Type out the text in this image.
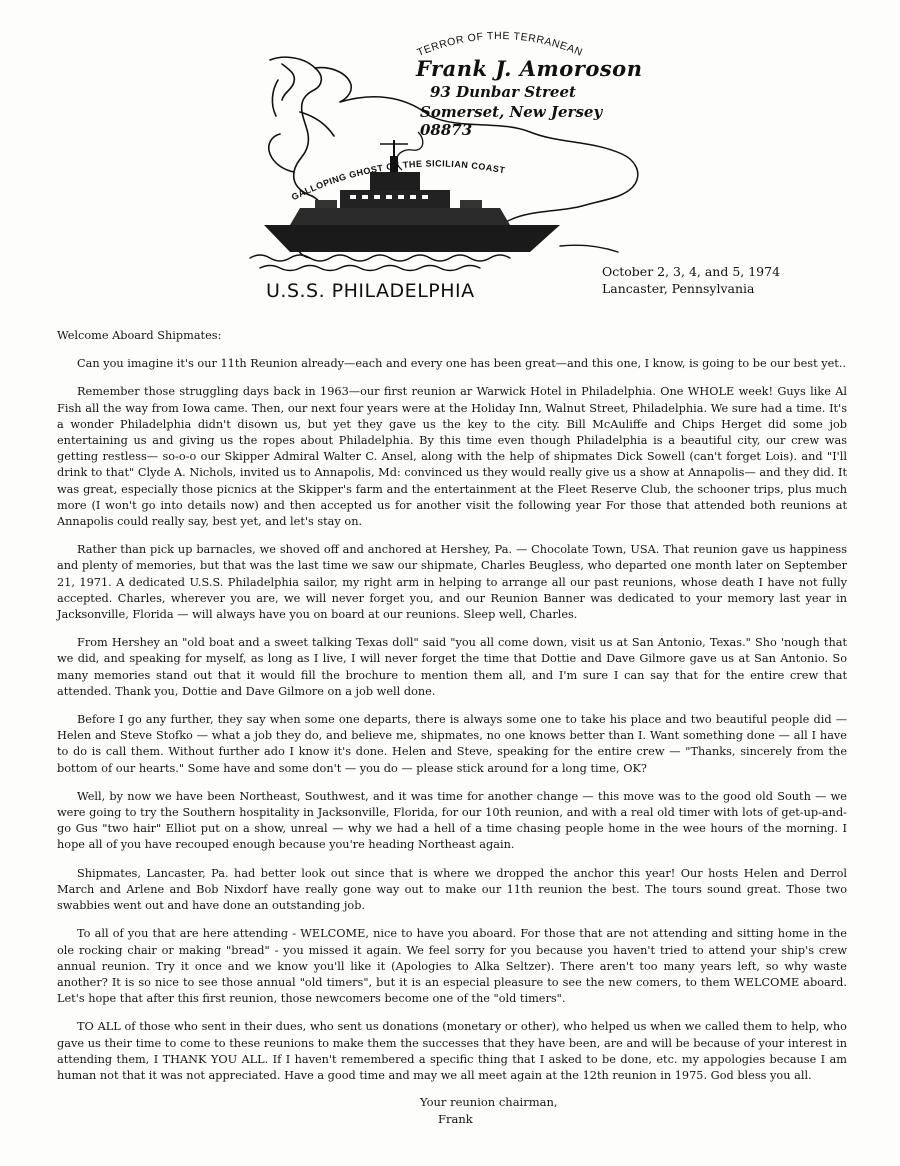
TERROR OF THE TERRANEAN
GALLOPING GHOST OF THE SICILIAN COAST
Frank J. Amoroson
93 Dunbar Street
Somerset, New Jersey 08873
U.S.S. PHILADELPHIA
October 2, 3, 4, and 5, 1974
Lancaster, Pennsylvania

Welcome Aboard Shipmates:

Can you imagine it's our 11th Reunion already—each and every one has been great—and this one, I know, is going to be our best yet..

Remember those struggling days back in 1963—our first reunion ar Warwick Hotel in Philadelphia. One WHOLE week! Guys like Al Fish all the way from Iowa came. Then, our next four years were at the Holiday Inn, Walnut Street, Philadelphia. We sure had a time. It's a wonder Philadelphia didn't disown us, but yet they gave us the key to the city. Bill McAuliffe and Chips Herget did some job entertaining us and giving us the ropes about Philadelphia. By this time even though Philadelphia is a beautiful city, our crew was getting restless— so-o-o our Skipper Admiral Walter C. Ansel, along with the help of shipmates Dick Sowell (can't forget Lois). and "I'll drink to that" Clyde A. Nichols, invited us to Annapolis, Md: convinced us they would really give us a show at Annapolis— and they did. It was great, especially those picnics at the Skipper's farm and the entertainment at the Fleet Reserve Club, the schooner trips, plus much more (I won't go into details now) and then accepted us for another visit the following year For those that attended both reunions at Annapolis could really say, best yet, and let's stay on.

Rather than pick up barnacles, we shoved off and anchored at Hershey, Pa. — Chocolate Town, USA. That reunion gave us happiness and plenty of memories, but that was the last time we saw our shipmate, Charles Beugless, who departed one month later on September 21, 1971. A dedicated U.S.S. Philadelphia sailor, my right arm in helping to arrange all our past reunions, whose death I have not fully accepted. Charles, wherever you are, we will never forget you, and our Reunion Banner was dedicated to your memory last year in Jacksonville, Florida — will always have you on board at our reunions. Sleep well, Charles.

From Hershey an "old boat and a sweet talking Texas doll" said "you all come down, visit us at San Antonio, Texas." Sho 'nough that we did, and speaking for myself, as long as I live, I will never forget the time that Dottie and Dave Gilmore gave us at San Antonio. So many memories stand out that it would fill the brochure to mention them all, and I'm sure I can say that for the entire crew that attended. Thank you, Dottie and Dave Gilmore on a job well done.

Before I go any further, they say when some one departs, there is always some one to take his place and two beautiful people did — Helen and Steve Stofko — what a job they do, and believe me, shipmates, no one knows better than I. Want something done — all I have to do is call them. Without further ado I know it's done. Helen and Steve, speaking for the entire crew — "Thanks, sincerely from the bottom of our hearts." Some have and some don't — you do — please stick around for a long time, OK?

Well, by now we have been Northeast, Southwest, and it was time for another change — this move was to the good old South — we were going to try the Southern hospitality in Jacksonville, Florida, for our 10th reunion, and with a real old timer with lots of get-up-and-go Gus "two hair" Elliot put on a show, unreal — why we had a hell of a time chasing people home in the wee hours of the morning. I hope all of you have recouped enough because you're heading Northeast again.

Shipmates, Lancaster, Pa. had better look out since that is where we dropped the anchor this year! Our hosts Helen and Derrol March and Arlene and Bob Nixdorf have really gone way out to make our 11th reunion the best. The tours sound great. Those two swabbies went out and have done an outstanding job.

To all of you that are here attending - WELCOME, nice to have you aboard. For those that are not attending and sitting home in the ole rocking chair or making "bread" - you missed it again. We feel sorry for you because you haven't tried to attend your ship's crew annual reunion. Try it once and we know you'll like it (Apologies to Alka Seltzer). There aren't too many years left, so why waste another? It is so nice to see those annual "old timers", but it is an especial pleasure to see the new comers, to them WELCOME aboard. Let's hope that after this first reunion, those newcomers become one of the "old timers".

TO ALL of those who sent in their dues, who sent us donations (monetary or other), who helped us when we called them to help, who gave us their time to come to these reunions to make them the successes that they have been, are and will be because of your interest in attending them, I THANK YOU ALL. If I haven't remembered a specific thing that I asked to be done, etc. my appologies because I am human not that it was not appreciated. Have a good time and may we all meet again at the 12th reunion in 1975. God bless you all.

Your reunion chairman,
Frank
